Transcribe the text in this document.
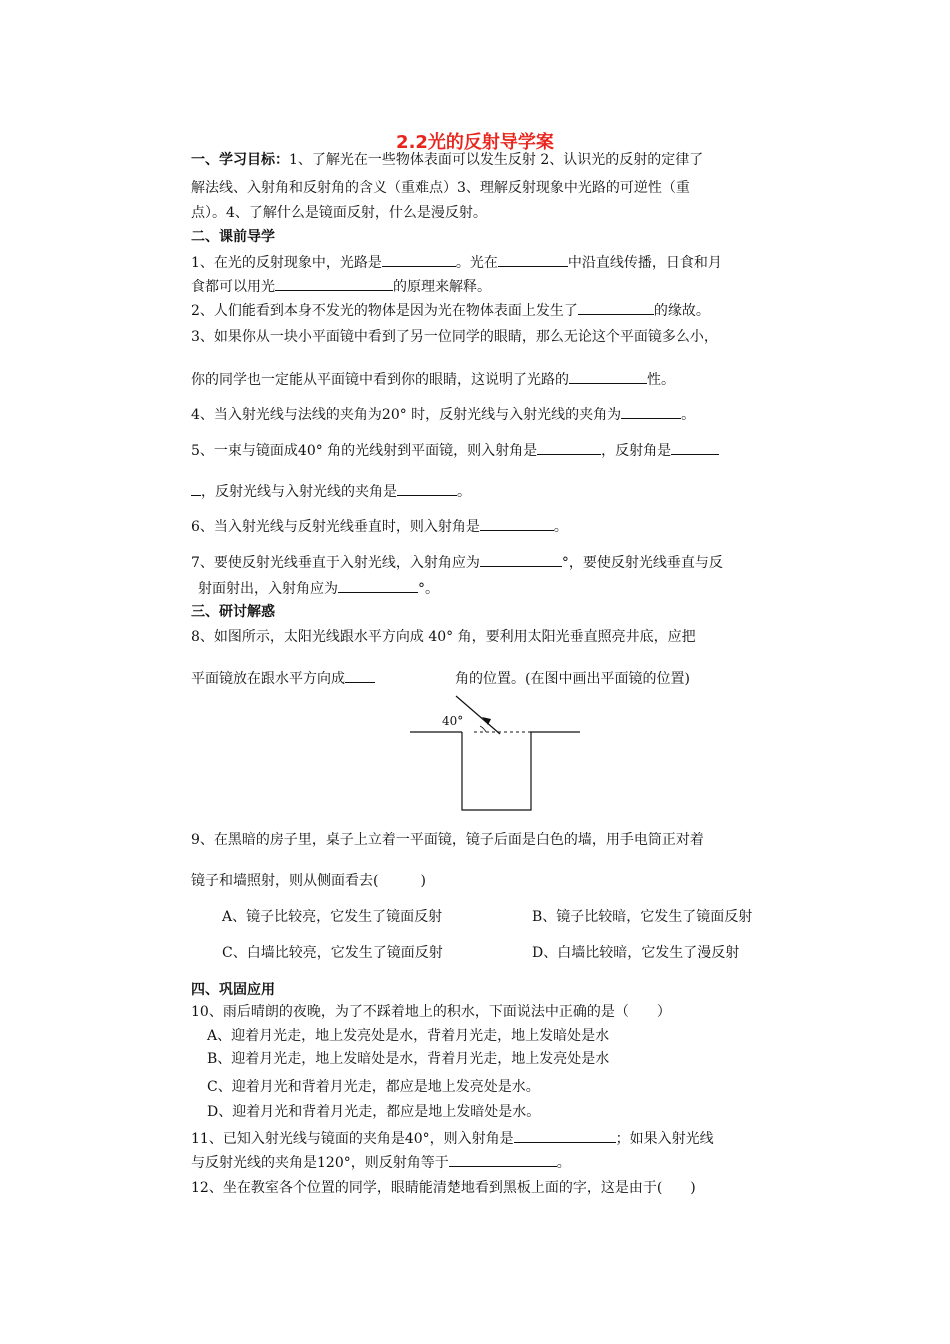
2.2光的反射导学案
一、学习目标：1、了解光在一些物体表面可以发生反射 2、认识光的反射的定律了
解法线、入射角和反射角的含义（重难点）3、理解反射现象中光路的可逆性（重
点）。4、了解什么是镜面反射，什么是漫反射。
二、课前导学
1、在光的反射现象中，光路是	。光在	中沿直线传播，日食和月
食都可以用光	的原理来解释。
2、人们能看到本身不发光的物体是因为光在物体表面上发生了	的缘故。
3、如果你从一块小平面镜中看到了另一位同学的眼睛，那么无论这个平面镜多么小，
你的同学也一定能从平面镜中看到你的眼睛，这说明了光路的	性。
4、当入射光线与法线的夹角为20° 时，反射光线与入射光线的夹角为	。
5、一束与镜面成40° 角的光线射到平面镜，则入射角是	，反射角是
，反射光线与入射光线的夹角是	。
6、当入射光线与反射光线垂直时，则入射角是	。
7、要使反射光线垂直于入射光线，入射角应为	°，要使反射光线垂直与反
射面射出，入射角应为	°。
三、研讨解惑
8、如图所示，太阳光线跟水平方向成 40° 角，要利用太阳光垂直照亮井底，应把
平面镜放在跟水平方向成	角的位置。(在图中画出平面镜的位置)
40°
9、在黑暗的房子里，桌子上立着一平面镜，镜子后面是白色的墙，用手电筒正对着
镜子和墙照射，则从侧面看去(　　　)
A、镜子比较亮，它发生了镜面反射	B、镜子比较暗，它发生了镜面反射
C、白墙比较亮，它发生了镜面反射	D、白墙比较暗，它发生了漫反射
四、巩固应用
10、雨后晴朗的夜晚，为了不踩着地上的积水，下面说法中正确的是（　　）
A、迎着月光走，地上发亮处是水，背着月光走，地上发暗处是水
B、迎着月光走，地上发暗处是水，背着月光走，地上发亮处是水
C、迎着月光和背着月光走，都应是地上发亮处是水。
D、迎着月光和背着月光走，都应是地上发暗处是水。
11、已知入射光线与镜面的夹角是40°，则入射角是	；如果入射光线
与反射光线的夹角是120°，则反射角等于	。
12、坐在教室各个位置的同学，眼睛能清楚地看到黑板上面的字，这是由于(　　)
